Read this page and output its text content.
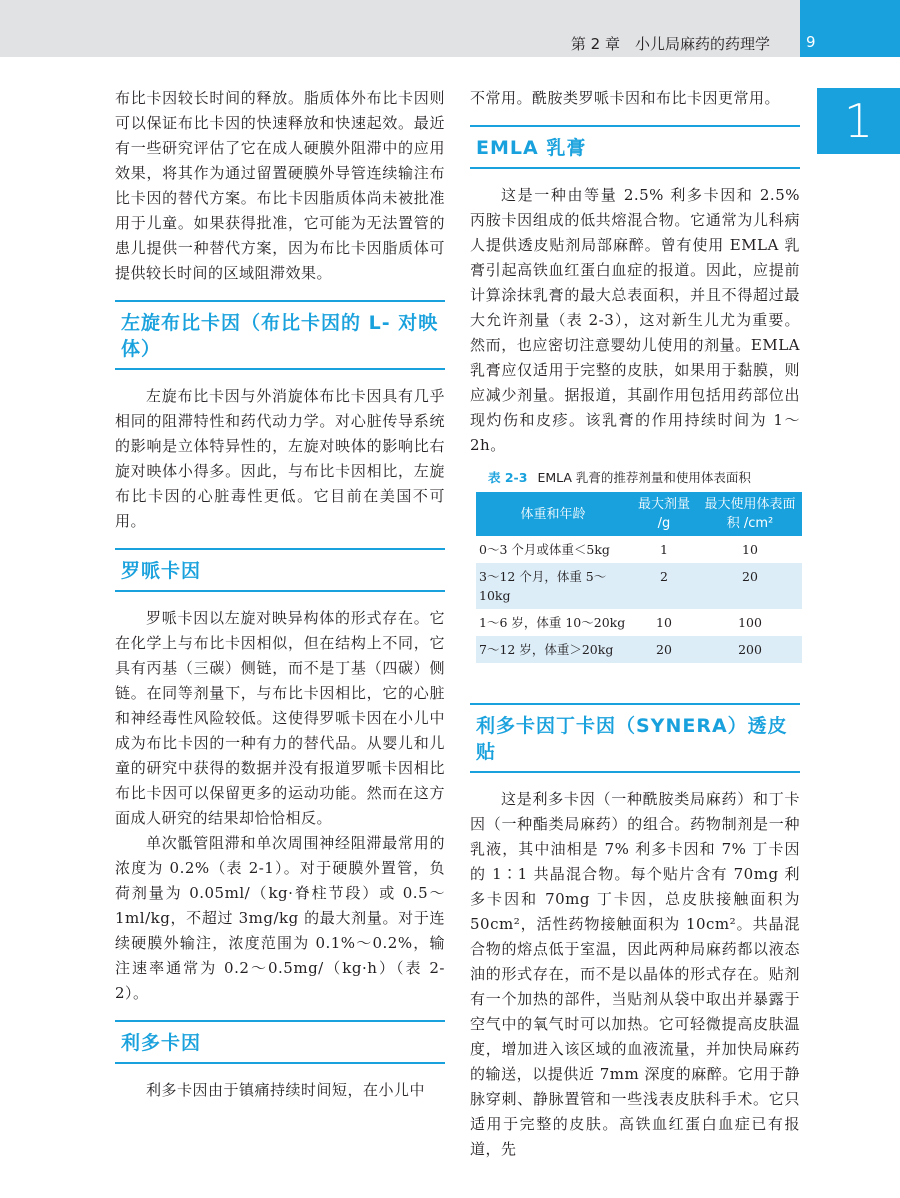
第 2 章　小儿局麻药的药理学 9
1

布比卡因较长时间的释放。脂质体外布比卡因则可以保证布比卡因的快速释放和快速起效。最近有一些研究评估了它在成人硬膜外阻滞中的应用效果，将其作为通过留置硬膜外导管连续输注布比卡因的替代方案。布比卡因脂质体尚未被批准用于儿童。如果获得批准，它可能为无法置管的患儿提供一种替代方案，因为布比卡因脂质体可提供较长时间的区域阻滞效果。

左旋布比卡因（布比卡因的 L- 对映体）

左旋布比卡因与外消旋体布比卡因具有几乎相同的阻滞特性和药代动力学。对心脏传导系统的影响是立体特异性的，左旋对映体的影响比右旋对映体小得多。因此，与布比卡因相比，左旋布比卡因的心脏毒性更低。它目前在美国不可用。

罗哌卡因

罗哌卡因以左旋对映异构体的形式存在。它在化学上与布比卡因相似，但在结构上不同，它具有丙基（三碳）侧链，而不是丁基（四碳）侧链。在同等剂量下，与布比卡因相比，它的心脏和神经毒性风险较低。这使得罗哌卡因在小儿中成为布比卡因的一种有力的替代品。从婴儿和儿童的研究中获得的数据并没有报道罗哌卡因相比布比卡因可以保留更多的运动功能。然而在这方面成人研究的结果却恰恰相反。

单次骶管阻滞和单次周围神经阻滞最常用的浓度为 0.2%（表 2-1）。对于硬膜外置管，负荷剂量为 0.05ml/（kg·脊柱节段）或 0.5～1ml/kg，不超过 3mg/kg 的最大剂量。对于连续硬膜外输注，浓度范围为 0.1%～0.2%，输注速率通常为 0.2～0.5mg/（kg·h）（表 2-2）。

利多卡因

利多卡因由于镇痛持续时间短，在小儿中

不常用。酰胺类罗哌卡因和布比卡因更常用。

EMLA 乳膏

这是一种由等量 2.5% 利多卡因和 2.5% 丙胺卡因组成的低共熔混合物。它通常为儿科病人提供透皮贴剂局部麻醉。曾有使用 EMLA 乳膏引起高铁血红蛋白血症的报道。因此，应提前计算涂抹乳膏的最大总表面积，并且不得超过最大允许剂量（表 2-3），这对新生儿尤为重要。然而，也应密切注意婴幼儿使用的剂量。EMLA 乳膏应仅适用于完整的皮肤，如果用于黏膜，则应减少剂量。据报道，其副作用包括用药部位出现灼伤和皮疹。该乳膏的作用持续时间为 1～2h。

表 2-3 EMLA 乳膏的推荐剂量和使用体表面积
体重和年龄	最大剂量 /g	最大使用体表面积 /cm²
0～3 个月或体重＜5kg	1	10
3～12 个月，体重 5～10kg	2	20
1～6 岁，体重 10～20kg	10	100
7～12 岁，体重＞20kg	20	200
利多卡因丁卡因（SYNERA）透皮贴

这是利多卡因（一种酰胺类局麻药）和丁卡因（一种酯类局麻药）的组合。药物制剂是一种乳液，其中油相是 7% 利多卡因和 7% 丁卡因的 1∶1 共晶混合物。每个贴片含有 70mg 利多卡因和 70mg 丁卡因，总皮肤接触面积为 50cm²，活性药物接触面积为 10cm²。共晶混合物的熔点低于室温，因此两种局麻药都以液态油的形式存在，而不是以晶体的形式存在。贴剂有一个加热的部件，当贴剂从袋中取出并暴露于空气中的氧气时可以加热。它可轻微提高皮肤温度，增加进入该区域的血液流量，并加快局麻药的输送，以提供近 7mm 深度的麻醉。它用于静脉穿刺、静脉置管和一些浅表皮肤科手术。它只适用于完整的皮肤。高铁血红蛋白血症已有报道，先
